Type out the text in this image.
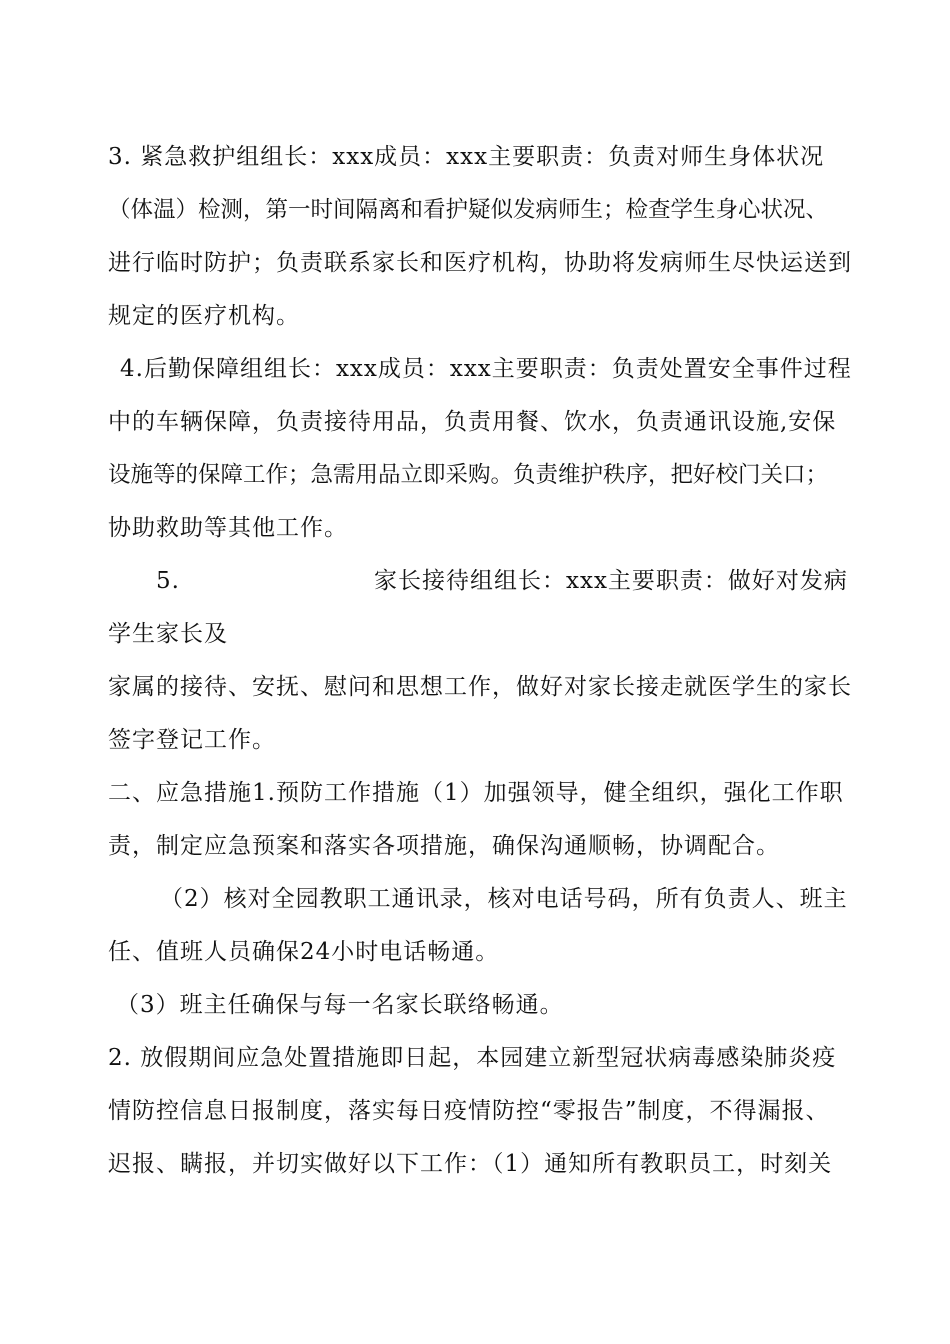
3. 紧急救护组组长：xxx成员：xxx主要职责：负责对师生身体状况
（体温）检测，第一时间隔离和看护疑似发病师生；检查学生身心状况、
进行临时防护；负责联系家长和医疗机构，协助将发病师生尽快运送到
规定的医疗机构。
4.后勤保障组组长：xxx成员：xxx主要职责：负责处置安全事件过程
中的车辆保障，负责接待用品，负责用餐、饮水，负责通讯设施,安保
设施等的保障工作；急需用品立即采购。负责维护秩序，把好校门关口；
协助救助等其他工作。
5.	家长接待组组长：xxx主要职责：做好对发病
学生家长及
家属的接待、安抚、慰问和思想工作，做好对家长接走就医学生的家长
签字登记工作。
二、应急措施1.预防工作措施（1）加强领导，健全组织，强化工作职
责，制定应急预案和落实各项措施，确保沟通顺畅，协调配合。
（2）核对全园教职工通讯录，核对电话号码，所有负责人、班主
任、值班人员确保24小时电话畅通。
（3）班主任确保与每一名家长联络畅通。
2. 放假期间应急处置措施即日起，本园建立新型冠状病毒感染肺炎疫
情防控信息日报制度，落实每日疫情防控“零报告”制度，不得漏报、
迟报、瞒报，并切实做好以下工作：（1）通知所有教职员工，时刻关
